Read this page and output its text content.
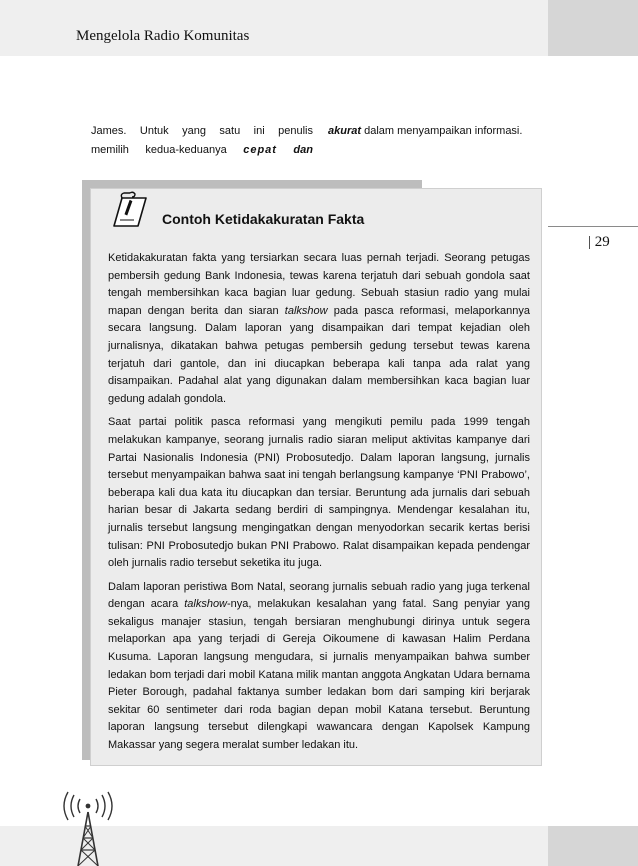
Mengelola Radio Komunitas
| 29
James. Untuk yang satu ini penulis
memilih kedua-keduanya cepat dan
akurat dalam menyampaikan informasi.
Contoh Ketidakakuratan Fakta

Ketidakakuratan fakta yang tersiarkan secara luas pernah terjadi. Seorang petugas pembersih gedung Bank Indonesia, tewas karena terjatuh dari sebuah gondola saat tengah membersihkan kaca bagian luar gedung. Sebuah stasiun radio yang mulai mapan dengan berita dan siaran talkshow pada pasca reformasi, melaporkannya secara langsung. Dalam laporan yang disampaikan dari tempat kejadian oleh jurnalisnya, dikatakan bahwa petugas pembersih gedung tersebut tewas karena terjatuh dari gantole, dan ini diucapkan beberapa kali tanpa ada ralat yang disampaikan. Padahal alat yang digunakan dalam membersihkan kaca bagian luar gedung adalah gondola.

Saat partai politik pasca reformasi yang mengikuti pemilu pada 1999 tengah melakukan kampanye, seorang jurnalis radio siaran meliput aktivitas kampanye dari Partai Nasionalis Indonesia (PNI) Probosutedjo. Dalam laporan langsung, jurnalis tersebut menyampaikan bahwa saat ini tengah berlangsung kampanye ‘PNI Prabowo’, beberapa kali dua kata itu diucapkan dan tersiar. Beruntung ada jurnalis dari sebuah harian besar di Jakarta sedang berdiri di sampingnya. Mendengar kesalahan itu, jurnalis tersebut langsung mengingatkan dengan menyodorkan secarik kertas berisi tulisan: PNI Probosutedjo bukan PNI Prabowo. Ralat disampaikan kepada pendengar oleh jurnalis radio tersebut seketika itu juga.

Dalam laporan peristiwa Bom Natal, seorang jurnalis sebuah radio yang juga terkenal dengan acara talkshow-nya, melakukan kesalahan yang fatal. Sang penyiar yang sekaligus manajer stasiun, tengah bersiaran menghubungi dirinya untuk segera melaporkan apa yang terjadi di Gereja Oikoumene di kawasan Halim Perdana Kusuma. Laporan langsung mengudara, si jurnalis menyampaikan bahwa sumber ledakan bom terjadi dari mobil Katana milik mantan anggota Angkatan Udara bernama Pieter Borough, padahal faktanya sumber ledakan bom dari samping kiri berjarak sekitar 60 sentimeter dari roda bagian depan mobil Katana tersebut. Beruntung laporan langsung tersebut dilengkapi wawancara dengan Kapolsek Kampung Makassar yang segera meralat sumber ledakan itu.
